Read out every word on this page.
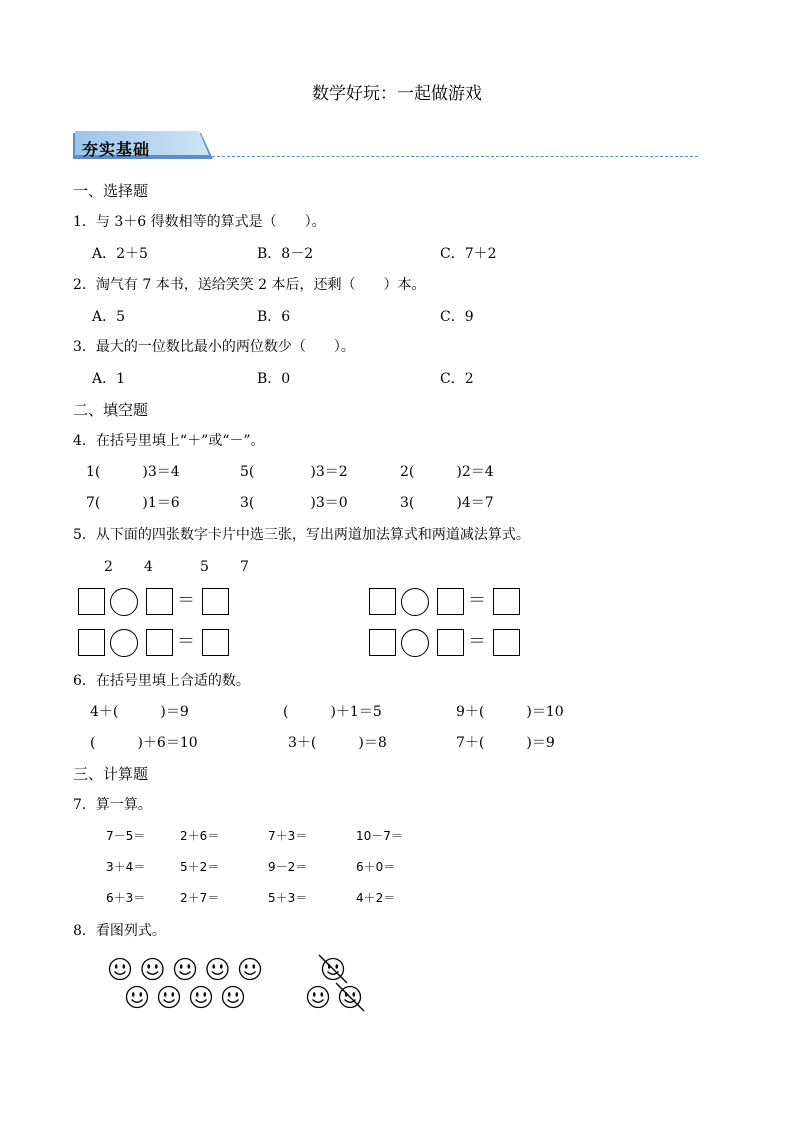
数学好玩：一起做游戏
夯实基础
一、选择题
1．与 3＋6 得数相等的算式是（　　）。
A．2＋5	B．8－2	C．7＋2
2．淘气有 7 本书，送给笑笑 2 本后，还剩（　　）本。
A．5	B．6	C．9
3．最大的一位数比最小的两位数少（　　）。
A．1	B．0	C．2
二、填空题
4．在括号里填上“＋”或“－”。
1(　　　)3＝4	5(　　　　)3＝2	2(　　　)2＝4
7(　　　)1＝6	3(　　　　)3＝0	3(　　　)4＝7
5．从下面的四张数字卡片中选三张，写出两道加法算式和两道减法算式。
2 4	5 7
＝
＝
＝
＝
6．在括号里填上合适的数。
4＋(　　　)＝9	(　　　)＋1＝5	9＋(　　　)＝10
(　　　)＋6＝10	3＋(　　　)＝8	7＋(　　　)＝9
三、计算题
7．算一算。
7－5＝	2＋6＝	7＋3＝	10－7＝
3＋4＝	5＋2＝	9－2＝	6＋0＝
6＋3＝	2＋7＝	5＋3＝	4＋2＝
8．看图列式。
